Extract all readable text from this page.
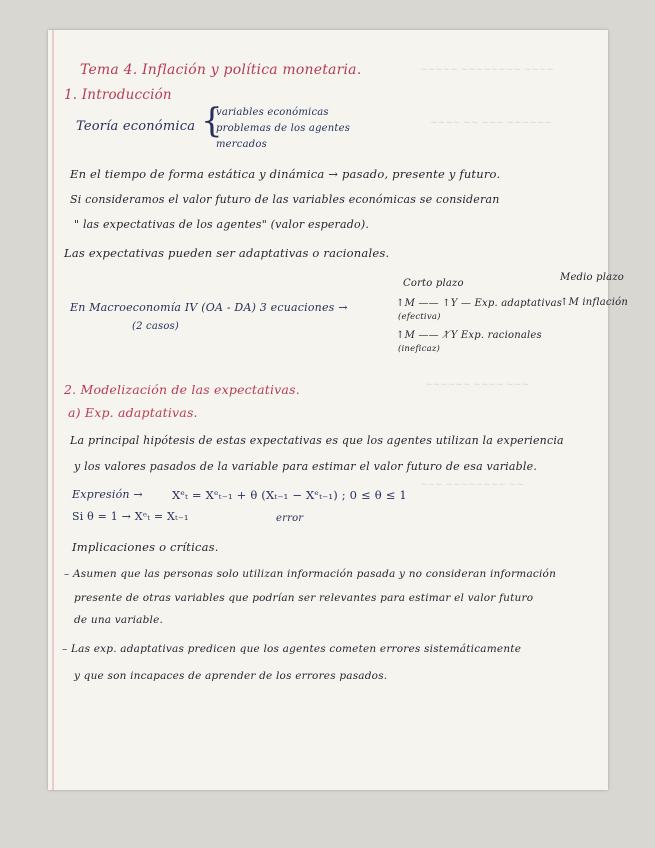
~~~~~ ~~~~~~~~ ~~~~
~~~~ ~~ ~~~ ~~~~~~
~~~~~~ ~~~~ ~~~
~~~ ~~~~~~~~ ~~
Tema 4. Inflación y política monetaria.
1. Introducción
Teoría económica {
variables económicas
problemas de los agentes
mercados
En el tiempo de forma estática y dinámica → pasado, presente y futuro.
Si consideramos el valor futuro de las variables económicas se consideran
" las expectativas de los agentes" (valor esperado).
Las expectativas pueden ser adaptativas o racionales.
Corto plazo
Medio plazo
En Macroeconomía IV (OA - DA) 3 ecuaciones →
(2 casos)
↑M —— ↑Y — Exp. adaptativas
(efectiva)
↑M inflación
↑M —— ↑̸Y Exp. racionales
(ineficaz)
2. Modelización de las expectativas.
a) Exp. adaptativas.
La principal hipótesis de estas expectativas es que los agentes utilizan la experiencia
y los valores pasados de la variable para estimar el valor futuro de esa variable.
Expresión →	Xᵉₜ = Xᵉₜ₋₁ + θ (Xₜ₋₁ − Xᵉₜ₋₁) ; 0 ≤ θ ≤ 1
error
Si θ = 1 → Xᵉₜ = Xₜ₋₁
Implicaciones o críticas.
– Asumen que las personas solo utilizan información pasada y no consideran información
presente de otras variables que podrían ser relevantes para estimar el valor futuro
de una variable.
– Las exp. adaptativas predicen que los agentes cometen errores sistemáticamente
y que son incapaces de aprender de los errores pasados.
